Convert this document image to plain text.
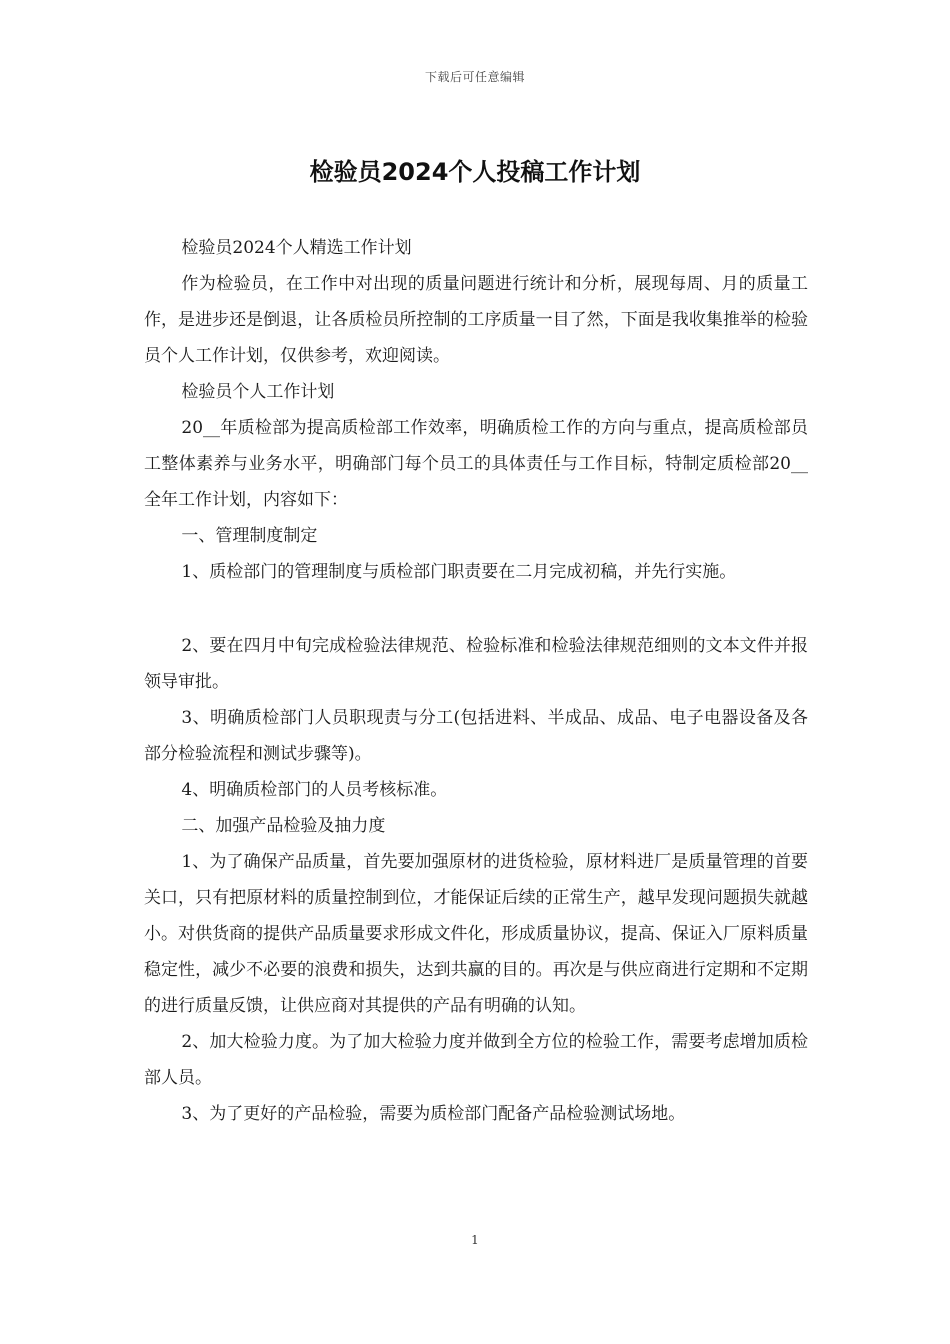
下载后可任意编辑
检验员2024个人投稿工作计划

检验员2024个人精选工作计划

作为检验员，在工作中对出现的质量问题进行统计和分析，展现每周、月的质量工作，是进步还是倒退，让各质检员所控制的工序质量一目了然，下面是我收集推举的检验员个人工作计划，仅供参考，欢迎阅读。

检验员个人工作计划

20__年质检部为提高质检部工作效率，明确质检工作的方向与重点，提高质检部员工整体素养与业务水平，明确部门每个员工的具体责任与工作目标，特制定质检部20__全年工作计划，内容如下：

一、管理制度制定

1、质检部门的管理制度与质检部门职责要在二月完成初稿，并先行实施。

2、要在四月中旬完成检验法律规范、检验标准和检验法律规范细则的文本文件并报领导审批。

3、明确质检部门人员职现责与分工(包括进料、半成品、成品、电子电器设备及各部分检验流程和测试步骤等)。

4、明确质检部门的人员考核标准。

二、加强产品检验及抽力度

1、为了确保产品质量，首先要加强原材的进货检验，原材料进厂是质量管理的首要关口，只有把原材料的质量控制到位，才能保证后续的正常生产，越早发现问题损失就越小。对供货商的提供产品质量要求形成文件化，形成质量协议，提高、保证入厂原料质量稳定性，减少不必要的浪费和损失，达到共赢的目的。再次是与供应商进行定期和不定期的进行质量反馈，让供应商对其提供的产品有明确的认知。

2、加大检验力度。为了加大检验力度并做到全方位的检验工作，需要考虑增加质检部人员。

3、为了更好的产品检验，需要为质检部门配备产品检验测试场地。

1
